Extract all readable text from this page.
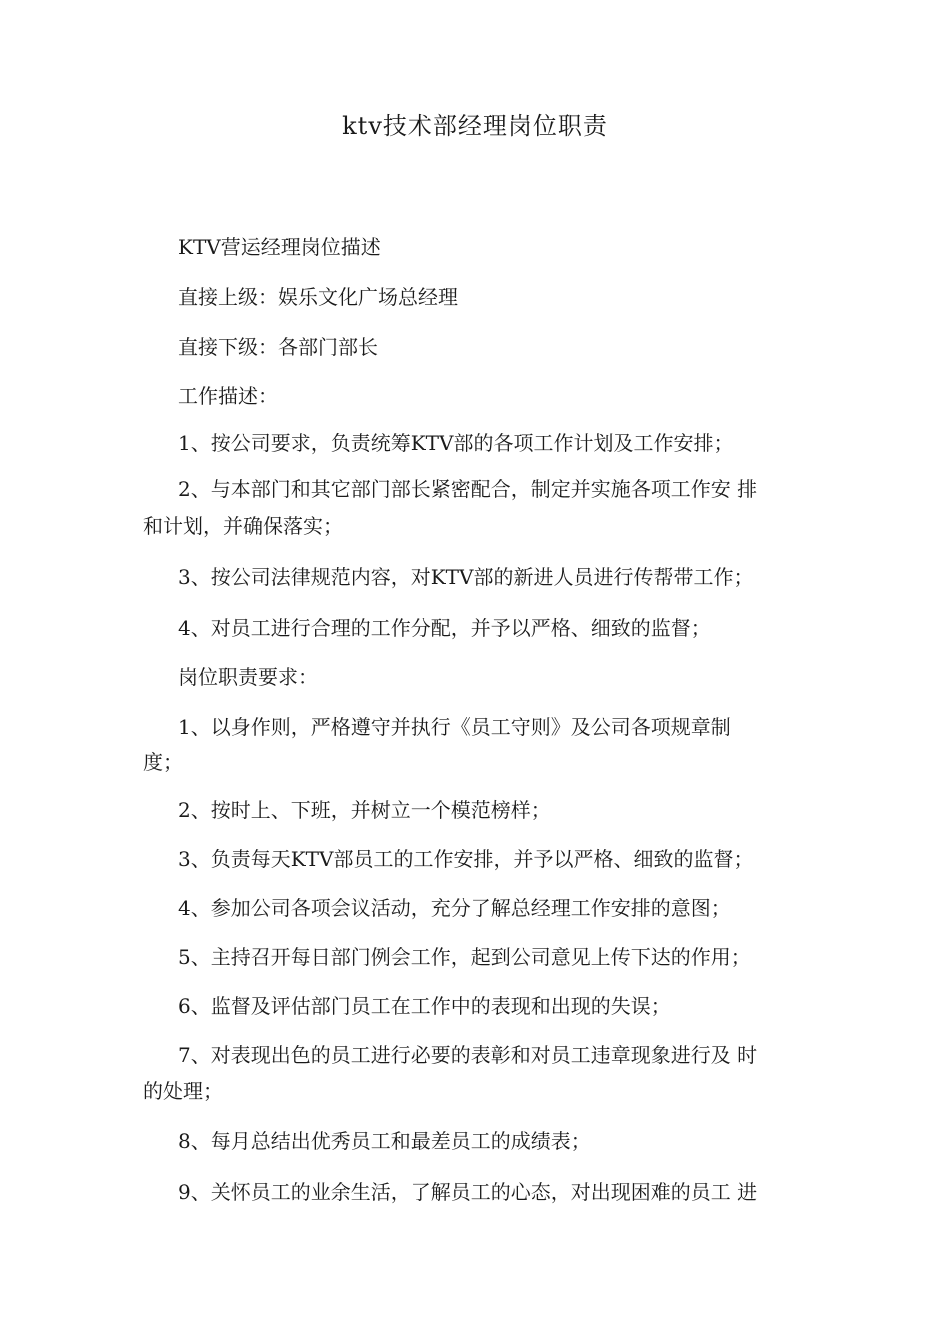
ktv技术部经理岗位职责
KTV营运经理岗位描述
直接上级：娱乐文化广场总经理
直接下级：各部门部长
工作描述：
1、按公司要求，负责统筹KTV部的各项工作计划及工作安排；
2、与本部门和其它部门部长紧密配合，制定并实施各项工作安 排
和计划，并确保落实；
3、按公司法律规范内容，对KTV部的新进人员进行传帮带工作；
4、对员工进行合理的工作分配，并予以严格、细致的监督；
岗位职责要求：
1、以身作则，严格遵守并执行《员工守则》及公司各项规章制
度；
2、按时上、下班，并树立一个模范榜样；
3、负责每天KTV部员工的工作安排，并予以严格、细致的监督；
4、参加公司各项会议活动，充分了解总经理工作安排的意图；
5、主持召开每日部门例会工作，起到公司意见上传下达的作用；
6、监督及评估部门员工在工作中的表现和出现的失误；
7、对表现出色的员工进行必要的表彰和对员工违章现象进行及 时
的处理；
8、每月总结出优秀员工和最差员工的成绩表；
9、关怀员工的业余生活，了解员工的心态，对出现困难的员工 进
